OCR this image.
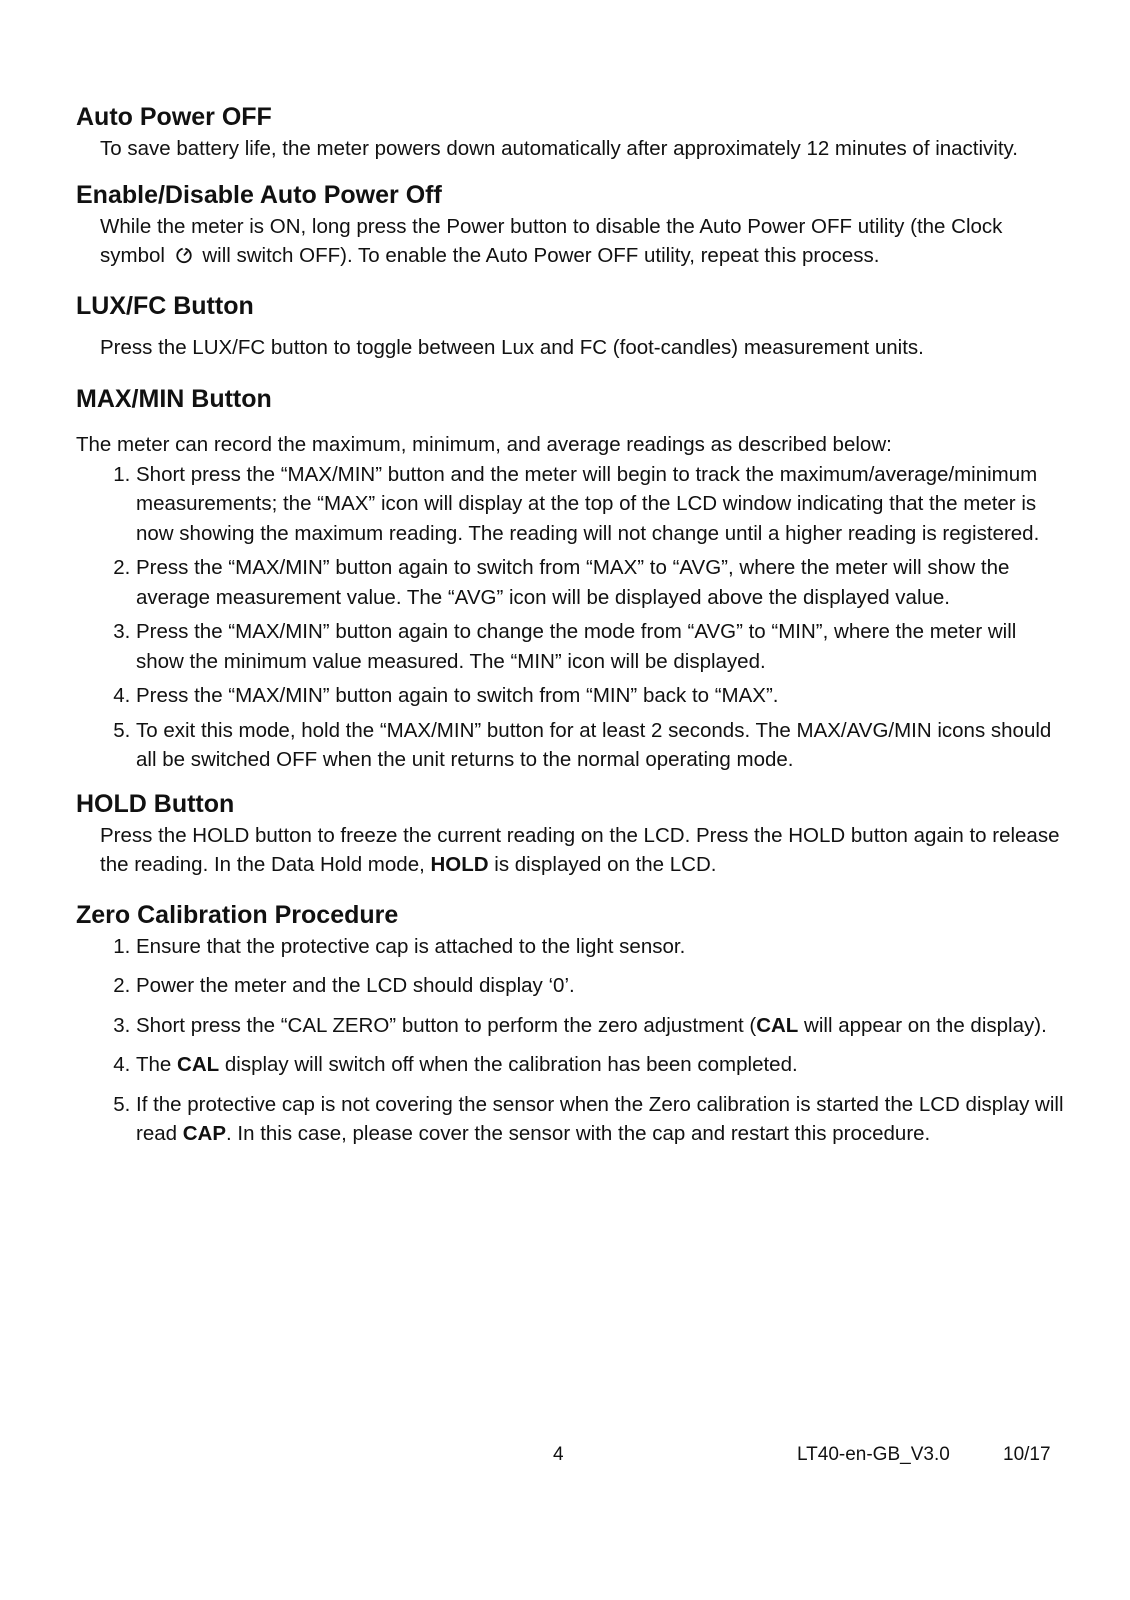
Auto Power OFF

To save battery life, the meter powers down automatically after approximately 12 minutes of inactivity.

Enable/Disable Auto Power Off

While the meter is ON, long press the Power button to disable the Auto Power OFF utility (the Clock symbol will switch OFF). To enable the Auto Power OFF utility, repeat this process.

LUX/FC Button

Press the LUX/FC button to toggle between Lux and FC (foot-candles) measurement units.

MAX/MIN Button

The meter can record the maximum, minimum, and average readings as described below:

1. Short press the “MAX/MIN” button and the meter will begin to track the maximum/average/minimum measurements; the “MAX” icon will display at the top of the LCD window indicating that the meter is now showing the maximum reading. The reading will not change until a higher reading is registered.
2. Press the “MAX/MIN” button again to switch from “MAX” to “AVG”, where the meter will show the average measurement value. The “AVG” icon will be displayed above the displayed value.
3. Press the “MAX/MIN” button again to change the mode from “AVG” to “MIN”, where the meter will show the minimum value measured. The “MIN” icon will be displayed.
4. Press the “MAX/MIN” button again to switch from “MIN” back to “MAX”.
5. To exit this mode, hold the “MAX/MIN” button for at least 2 seconds. The MAX/AVG/MIN icons should all be switched OFF when the unit returns to the normal operating mode.
HOLD Button

Press the HOLD button to freeze the current reading on the LCD. Press the HOLD button again to release the reading. In the Data Hold mode, HOLD is displayed on the LCD.

Zero Calibration Procedure
1. Ensure that the protective cap is attached to the light sensor.
2. Power the meter and the LCD should display ‘0’.
3. Short press the “CAL ZERO” button to perform the zero adjustment (CAL will appear on the display).
4. The CAL display will switch off when the calibration has been completed.
5. If the protective cap is not covering the sensor when the Zero calibration is started the LCD display will read CAP. In this case, please cover the sensor with the cap and restart this procedure.
4	LT40-en-GB_V3.0	10/17
